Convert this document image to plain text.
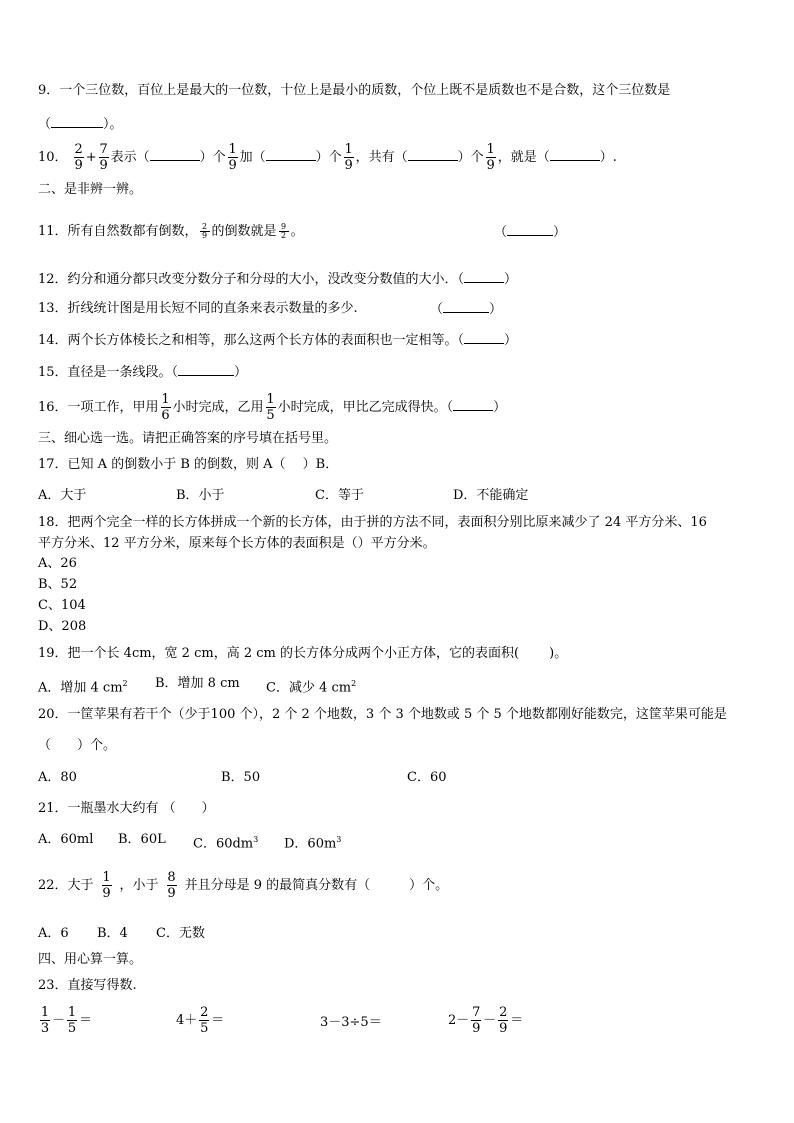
9．一个三位数，百位上是最大的一位数，十位上是最小的质数，个位上既不是质数也不是合数，这个三位数是
（	）。
10． $\frac{2}{9} + \frac{7}{9}$ 表示（	）个 $\frac{1}{9}$ 加（	）个 $\frac{1}{9}$ ，共有（	）个 $\frac{1}{9}$ ，就是（	）.
二、是非辨一辨。
11．所有自然数都有倒数， $\frac{2}{9}$ 的倒数就是 $\frac{9}{2}$ 。	（	）
12．约分和通分都只改变分数分子和分母的大小，没改变分数值的大小．（	）
13．折线统计图是用长短不同的直条来表示数量的多少.	（	）
14．两个长方体棱长之和相等，那么这两个长方体的表面积也一定相等。（	）
15．直径是一条线段。（	）
16．一项工作，甲用 $\frac{1}{6}$ 小时完成，乙用 $\frac{1}{5}$ 小时完成，甲比乙完成得快。（	）
三、细心选一选。请把正确答案的序号填在括号里。
17．已知 A 的倒数小于 B 的倒数，则 A（　 ）B．
A．大于	B．小于	C．等于	D．不能确定
18．把两个完全一样的长方体拼成一个新的长方体，由于拼的方法不同，表面积分别比原来减少了 24 平方分米、16
平方分米、12 平方分米，原来每个长方体的表面积是（）平方分米。
A、26
B、52
C、104
D、208
19．把一个长 4cm，宽 2 cm，高 2 cm 的长方体分成两个小正方体，它的表面积(　　 )。
A．增加 4 $cm^2$ B．增加 8 cm C．减少 4 $cm^2$
20．一筐苹果有若干个（少于100 个），2 个 2 个地数，3 个 3 个地数或 5 个 5 个地数都刚好能数完，这筐苹果可能是
（　　）个。
A．80	B．50	C．60
21．一瓶墨水大约有 （　　）
A．60ml B．60L C．$60dm^3$ D．$60m^3$
22．大于 $\frac{1}{9}$ ，小于 $\frac{8}{9}$ 并且分母是 9 的最简真分数有（　　　）个。
A．6 B．4 C．无数
四、用心算一算。
23．直接写得数.
$\frac{1}{3} - \frac{1}{5}$ ＝	$4+ \frac{2}{5}$ ＝	3－3÷5＝	$2- \frac{7}{9} - \frac{2}{9}$ ＝
